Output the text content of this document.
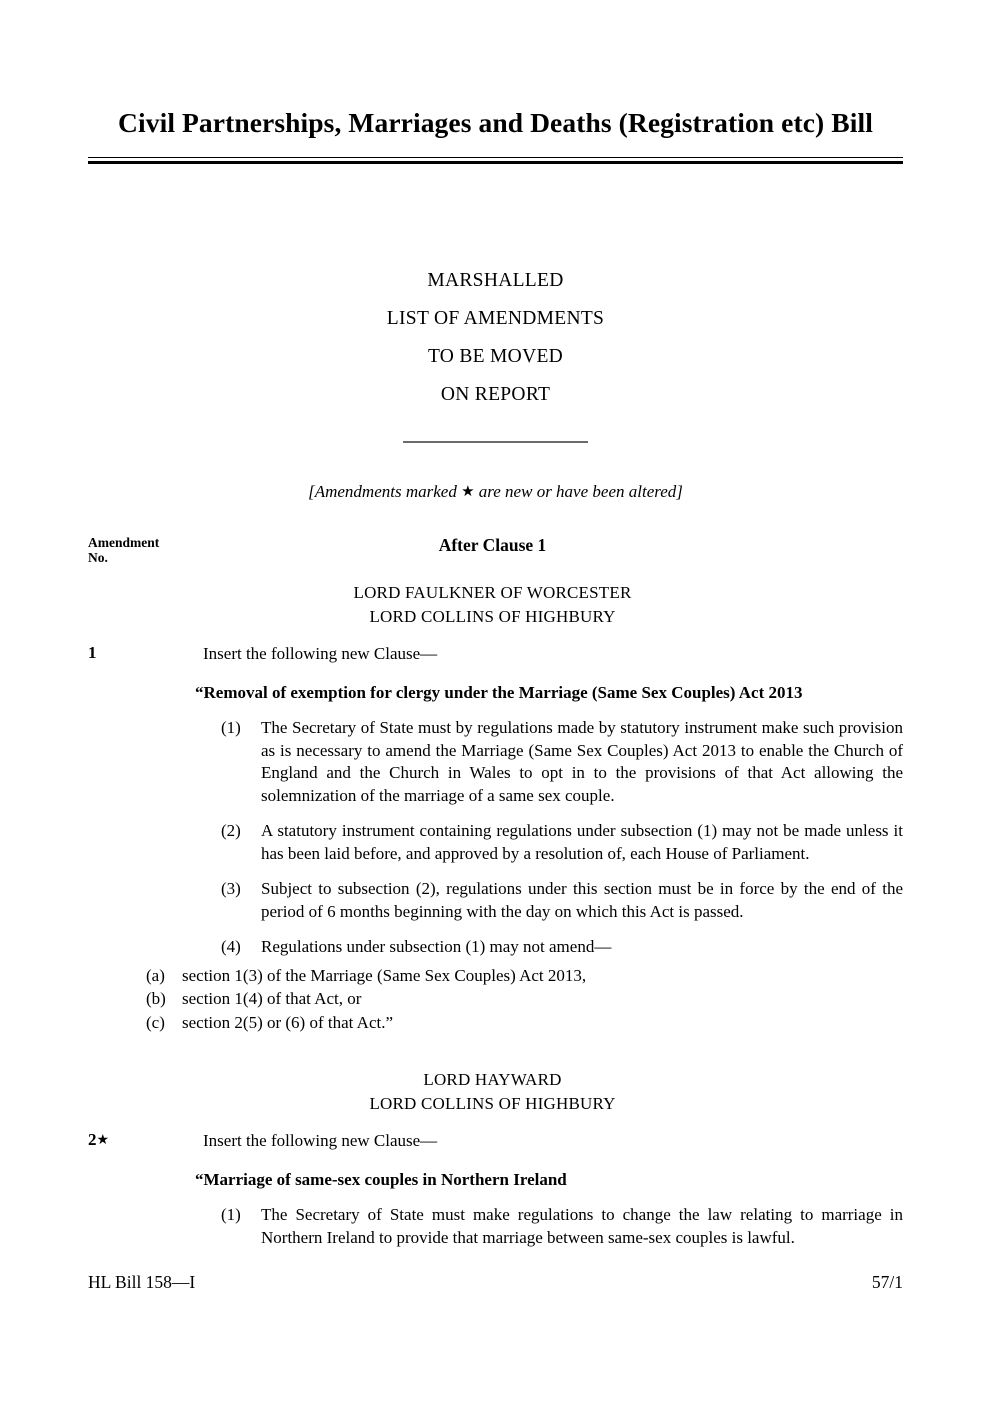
Civil Partnerships, Marriages and Deaths (Registration etc) Bill
MARSHALLED
LIST OF AMENDMENTS
TO BE MOVED
ON REPORT
[Amendments marked ★ are new or have been altered]
Amendment
No.
After Clause 1
LORD FAULKNER OF WORCESTER
LORD COLLINS OF HIGHBURY
1	Insert the following new Clause—
“Removal of exemption for clergy under the Marriage (Same Sex Couples) Act 2013
(1)	The Secretary of State must by regulations made by statutory instrument make such provision as is necessary to amend the Marriage (Same Sex Couples) Act 2013 to enable the Church of England and the Church in Wales to opt in to the provisions of that Act allowing the solemnization of the marriage of a same sex couple.
(2)	A statutory instrument containing regulations under subsection (1) may not be made unless it has been laid before, and approved by a resolution of, each House of Parliament.
(3)	Subject to subsection (2), regulations under this section must be in force by the end of the period of 6 months beginning with the day on which this Act is passed.
(4)	Regulations under subsection (1) may not amend—
(a)	section 1(3) of the Marriage (Same Sex Couples) Act 2013,
(b) section 1(4) of that Act, or
(c)	section 2(5) or (6) of that Act.”
LORD HAYWARD
LORD COLLINS OF HIGHBURY
2★	Insert the following new Clause—
“Marriage of same-sex couples in Northern Ireland
(1)	The Secretary of State must make regulations to change the law relating to marriage in Northern Ireland to provide that marriage between same-sex couples is lawful.
HL Bill 158—I	57/1
